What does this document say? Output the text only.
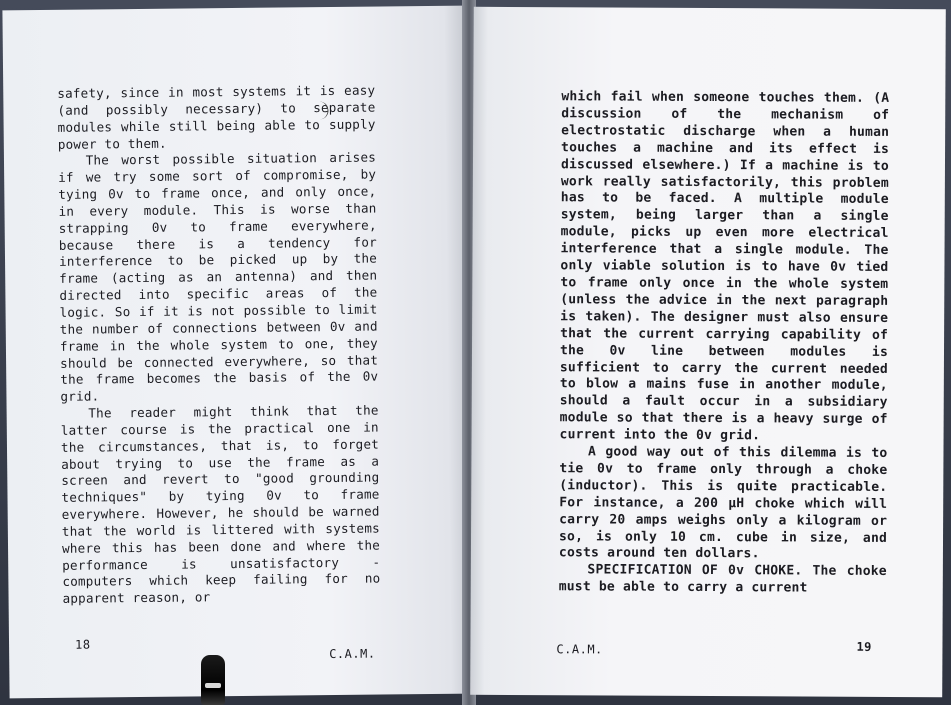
safety, since in most systems it is easy (and possibly necessary) to separate modules while still being able to supply power to them.

The worst possible situation arises if we try some sort of compromise, by tying 0v to frame once, and only once, in every module. This is worse than strapping 0v to frame everywhere, because there is a tendency for interference to be picked up by the frame (acting as an antenna) and then directed into specific areas of the logic. So if it is not possible to limit the number of connections between 0v and frame in the whole system to one, they should be connected everywhere, so that the frame becomes the basis of the 0v grid.

The reader might think that the latter course is the practical one in the circumstances, that is, to forget about trying to use the frame as a screen and revert to "good grounding techniques" by tying 0v to frame everywhere. However, he should be warned that the world is littered with systems where this has been done and where the performance is unsatisfactory - computers which keep failing for no apparent reason, or

18
C.A.M.

which fail when someone touches them. (A discussion of the mechanism of electrostatic discharge when a human touches a machine and its effect is discussed elsewhere.) If a machine is to work really satisfactorily, this problem has to be faced. A multiple module system, being larger than a single module, picks up even more electrical interference that a single module. The only viable solution is to have 0v tied to frame only once in the whole system (unless the advice in the next paragraph is taken). The designer must also ensure that the current carrying capability of the 0v line between modules is sufficient to carry the current needed to blow a mains fuse in another module, should a fault occur in a subsidiary module so that there is a heavy surge of current into the 0v grid.

A good way out of this dilemma is to tie 0v to frame only through a choke (inductor). This is quite practicable. For instance, a 200 µH choke which will carry 20 amps weighs only a kilogram or so, is only 10 cm. cube in size, and costs around ten dollars.

SPECIFICATION OF 0v CHOKE. The choke must be able to carry a current

C.A.M.	19
